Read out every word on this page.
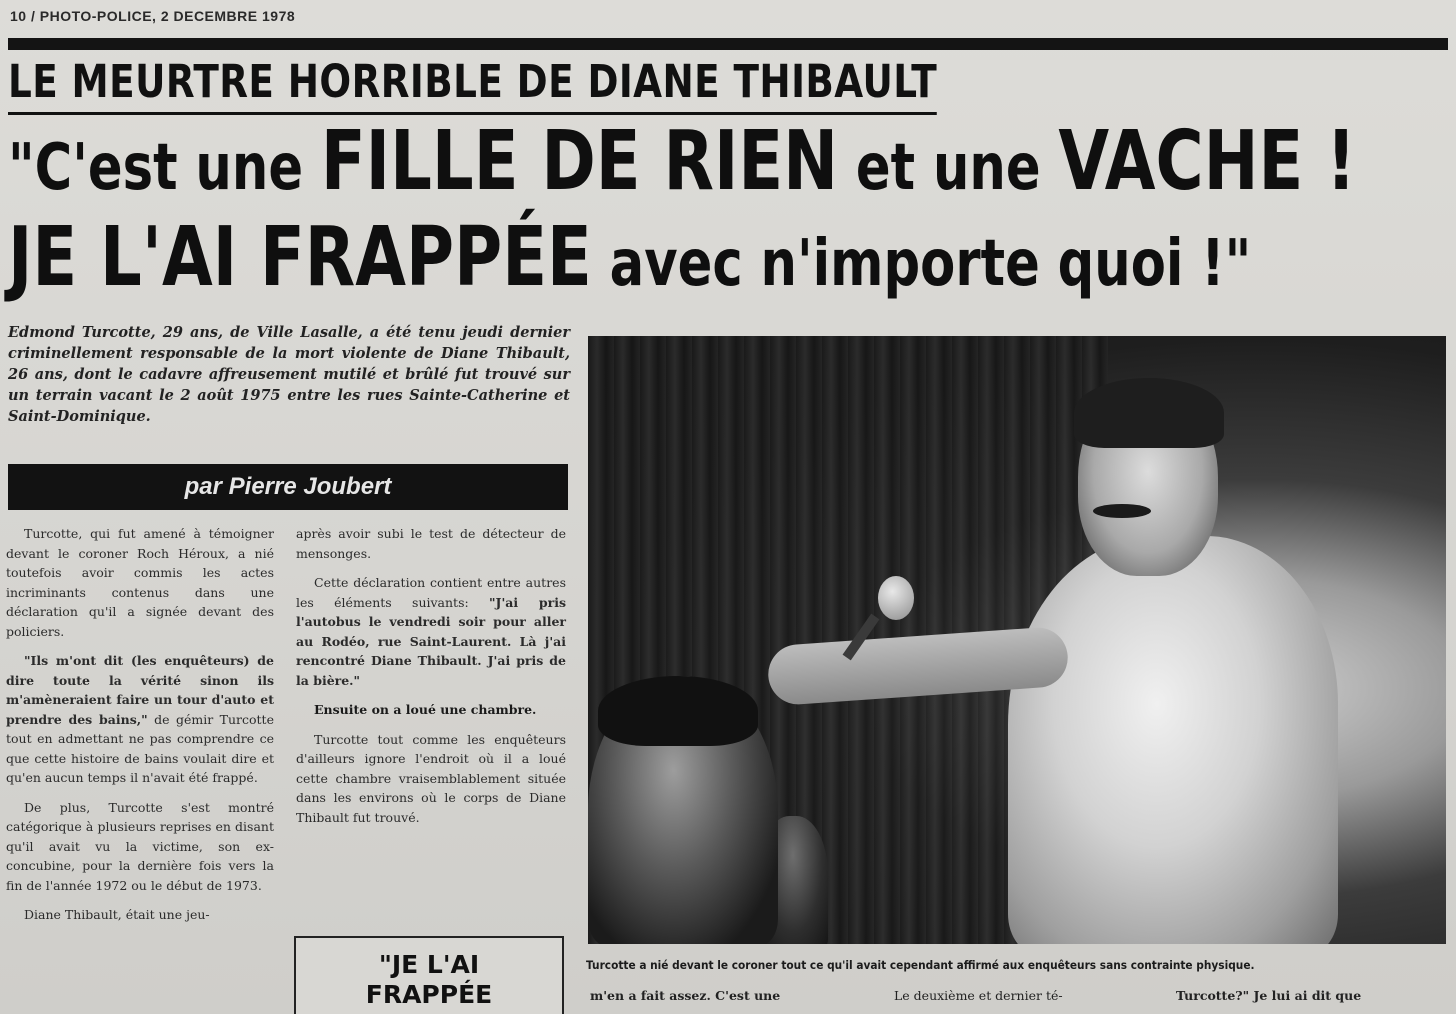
10 / PHOTO-POLICE, 2 DECEMBRE 1978
LE MEURTRE HORRIBLE DE DIANE THIBAULT
"C'est une FILLE DE RIEN et une VACHE !
JE L'AI FRAPPÉE avec n'importe quoi !"
Edmond Turcotte, 29 ans, de Ville Lasalle, a été tenu jeudi dernier criminellement responsable de la mort violente de Diane Thibault, 26 ans, dont le cadavre affreusement mutilé et brûlé fut trouvé sur un terrain vacant le 2 août 1975 entre les rues Sainte-Catherine et Saint-Dominique.
par Pierre Joubert

Turcotte, qui fut amené à témoigner devant le coroner Roch Héroux, a nié toutefois avoir commis les actes incriminants contenus dans une déclaration qu'il a signée devant des policiers.

"Ils m'ont dit (les enquêteurs) de dire toute la vérité sinon ils m'amèneraient faire un tour d'auto et prendre des bains," de gémir Turcotte tout en admettant ne pas comprendre ce que cette histoire de bains voulait dire et qu'en aucun temps il n'avait été frappé.

De plus, Turcotte s'est montré catégorique à plusieurs reprises en disant qu'il avait vu la victime, son ex-concubine, pour la dernière fois vers la fin de l'année 1972 ou le début de 1973.

Diane Thibault, était une jeu-

après avoir subi le test de détecteur de mensonges.

Cette déclaration contient entre autres les éléments suivants: "J'ai pris l'autobus le vendredi soir pour aller au Rodéo, rue Saint-Laurent. Là j'ai rencontré Diane Thibault. J'ai pris de la bière."

Ensuite on a loué une chambre.

Turcotte tout comme les enquêteurs d'ailleurs ignore l'endroit où il a loué cette chambre vraisemblablement située dans les environs où le corps de Diane Thibault fut trouvé.

"JE L'AI
FRAPPÉE
Turcotte a nié devant le coroner tout ce qu'il avait cependant affirmé aux enquêteurs sans contrainte physique.
m'en a fait assez. C'est une	Le deuxième et dernier té-	Turcotte?" Je lui ai dit que
